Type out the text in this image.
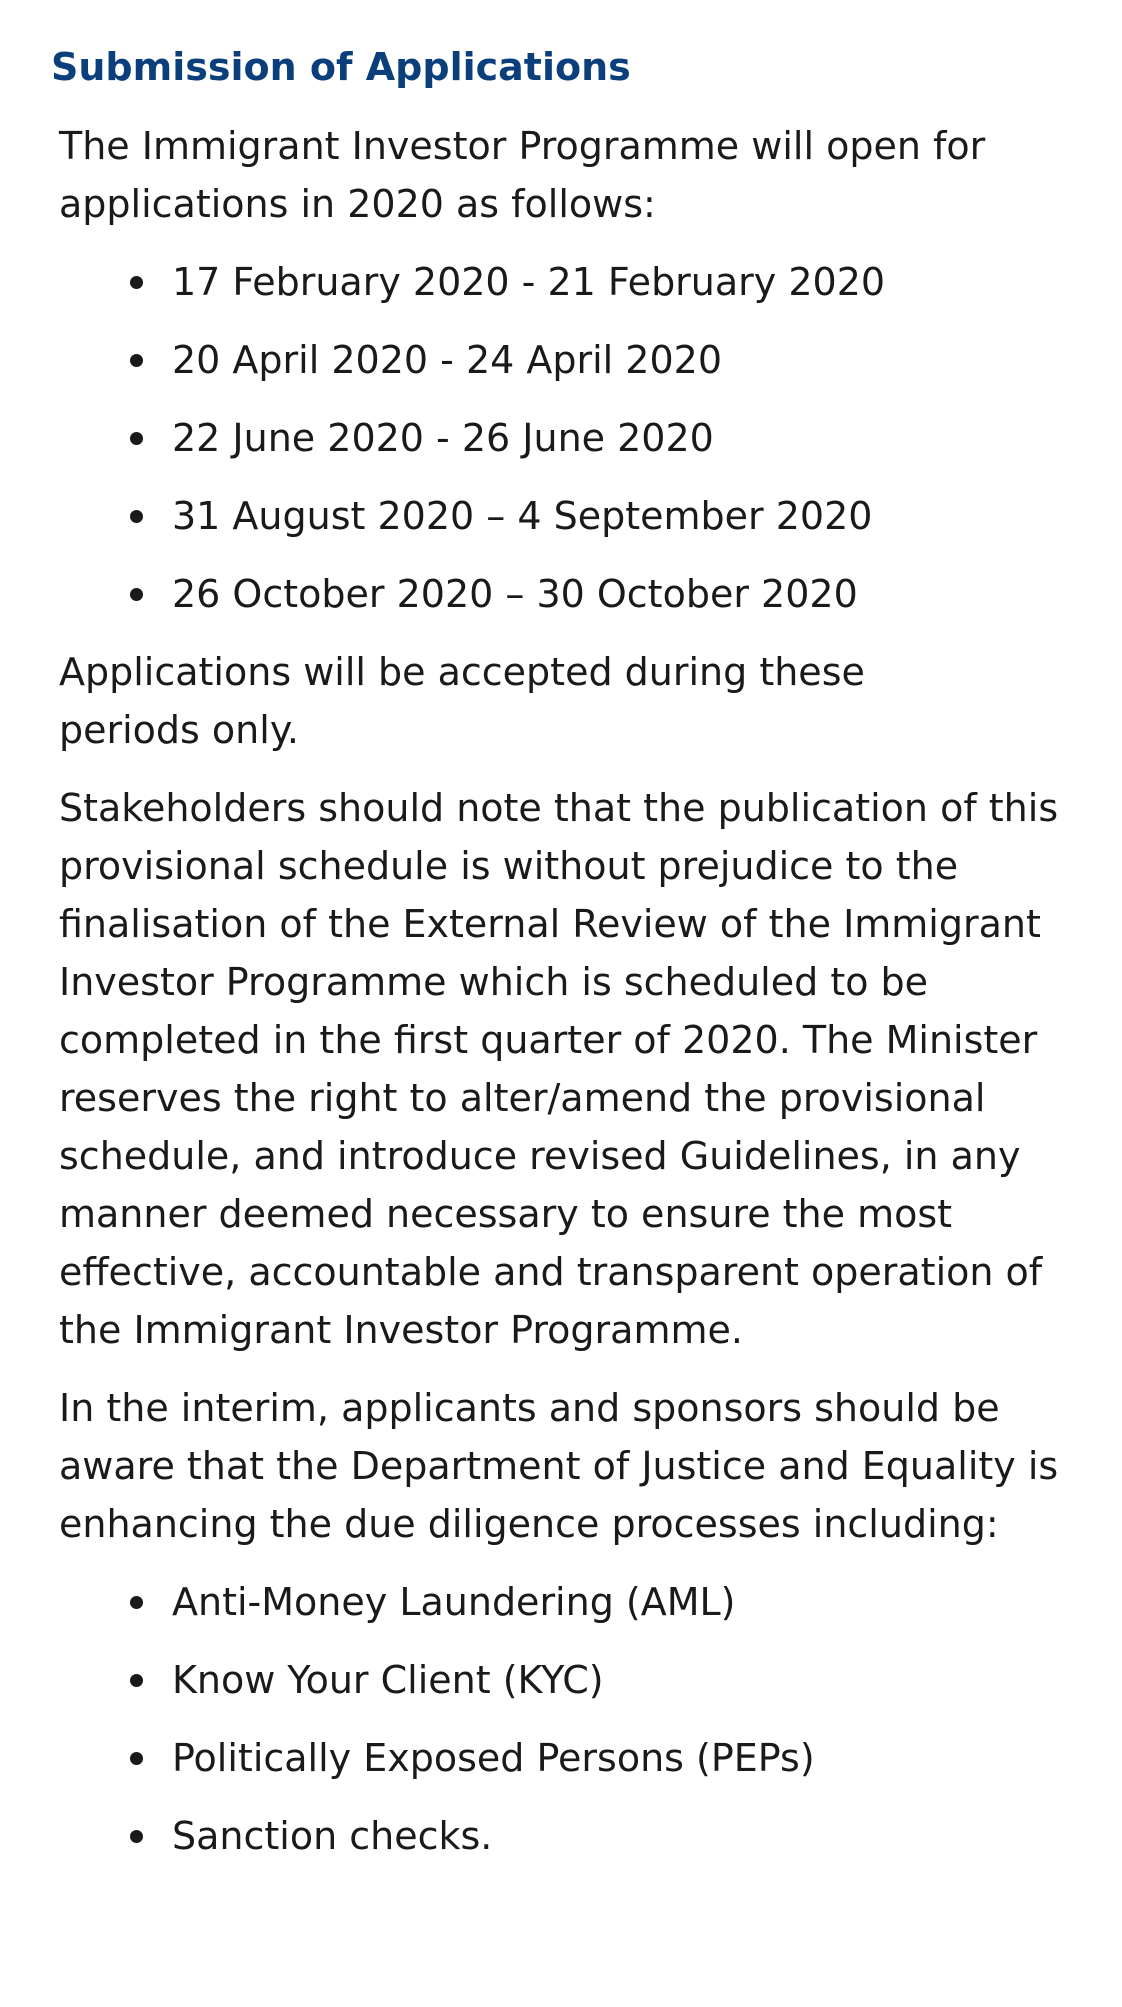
Submission of Applications

The Immigrant Investor Programme will open for applications in 2020 as follows:

17 February 2020 - 21 February 2020
20 April 2020 - 24 April 2020
22 June 2020 - 26 June 2020
31 August 2020 – 4 September 2020
26 October 2020 – 30 October 2020

Applications will be accepted during these periods only.

Stakeholders should note that the publication of this provisional schedule is without prejudice to the finalisation of the External Review of the Immigrant Investor Programme which is scheduled to be completed in the first quarter of 2020. The Minister reserves the right to alter/amend the provisional schedule, and introduce revised Guidelines, in any manner deemed necessary to ensure the most effective, accountable and transparent operation of the Immigrant Investor Programme.

In the interim, applicants and sponsors should be aware that the Department of Justice and Equality is enhancing the due diligence processes including:

Anti-Money Laundering (AML)
Know Your Client (KYC)
Politically Exposed Persons (PEPs)
Sanction checks.
